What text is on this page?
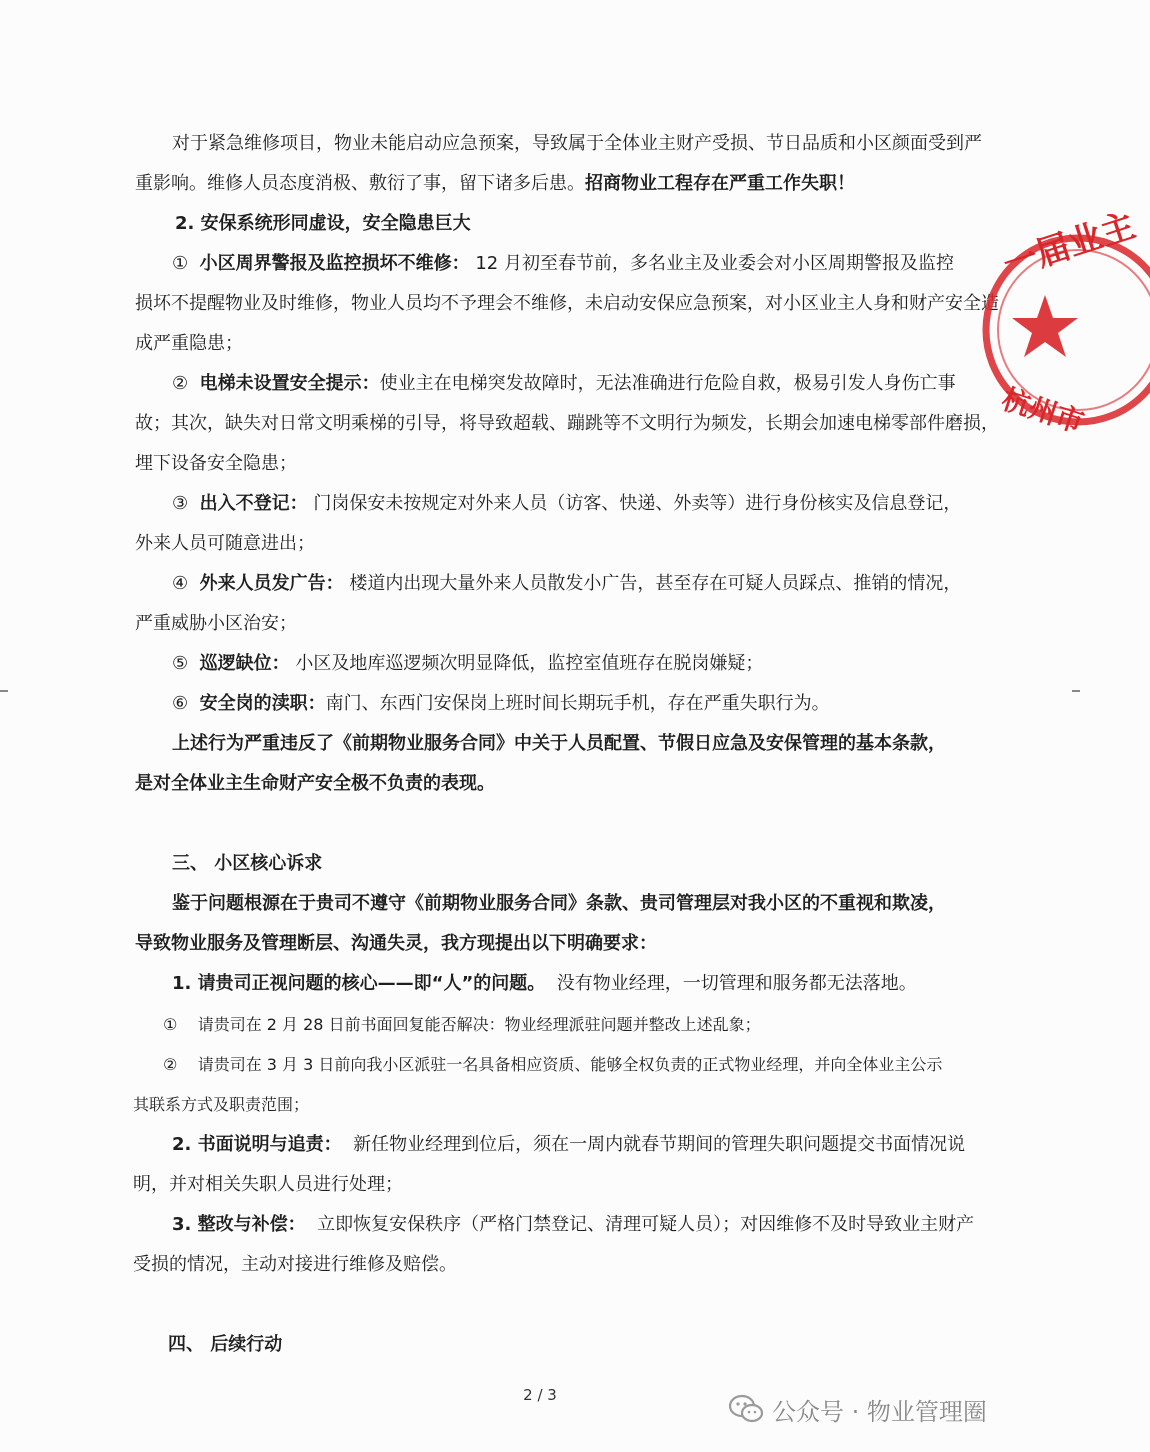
对于紧急维修项目，物业未能启动应急预案，导致属于全体业主财产受损、节日品质和小区颜面受到严
重影响。维修人员态度消极、敷衍了事，留下诸多后患。招商物业工程存在严重工作失职！
2. 安保系统形同虚设，安全隐患巨大
① 小区周界警报及监控损坏不维修： 12 月初至春节前，多名业主及业委会对小区周期警报及监控
损坏不提醒物业及时维修，物业人员均不予理会不维修，未启动安保应急预案，对小区业主人身和财产安全造
成严重隐患；
② 电梯未设置安全提示：使业主在电梯突发故障时，无法准确进行危险自救，极易引发人身伤亡事
故；其次，缺失对日常文明乘梯的引导，将导致超载、蹦跳等不文明行为频发，长期会加速电梯零部件磨损，
埋下设备安全隐患；
③ 出入不登记： 门岗保安未按规定对外来人员（访客、快递、外卖等）进行身份核实及信息登记，
外来人员可随意进出；
④ 外来人员发广告： 楼道内出现大量外来人员散发小广告，甚至存在可疑人员踩点、推销的情况，
严重威胁小区治安；
⑤ 巡逻缺位： 小区及地库巡逻频次明显降低，监控室值班存在脱岗嫌疑；
⑥ 安全岗的渎职：南门、东西门安保岗上班时间长期玩手机，存在严重失职行为。
上述行为严重违反了《前期物业服务合同》中关于人员配置、节假日应急及安保管理的基本条款，
是对全体业主生命财产安全极不负责的表现。
三、 小区核心诉求
鉴于问题根源在于贵司不遵守《前期物业服务合同》条款、贵司管理层对我小区的不重视和欺凌，
导致物业服务及管理断层、沟通失灵，我方现提出以下明确要求：
1. 请贵司正视问题的核心——即“人”的问题。 没有物业经理，一切管理和服务都无法落地。
① 请贵司在 2 月 28 日前书面回复能否解决：物业经理派驻问题并整改上述乱象；
② 请贵司在 3 月 3 日前向我小区派驻一名具备相应资质、能够全权负责的正式物业经理，并向全体业主公示
其联系方式及职责范围；
2. 书面说明与追责： 新任物业经理到位后，须在一周内就春节期间的管理失职问题提交书面情况说
明，并对相关失职人员进行处理；
3. 整改与补偿： 立即恢复安保秩序（严格门禁登记、清理可疑人员）；对因维修不及时导致业主财产
受损的情况，主动对接进行维修及赔偿。
四、 后续行动
一届业主
杭州市
2 / 3
公众号 · 物业管理圈
